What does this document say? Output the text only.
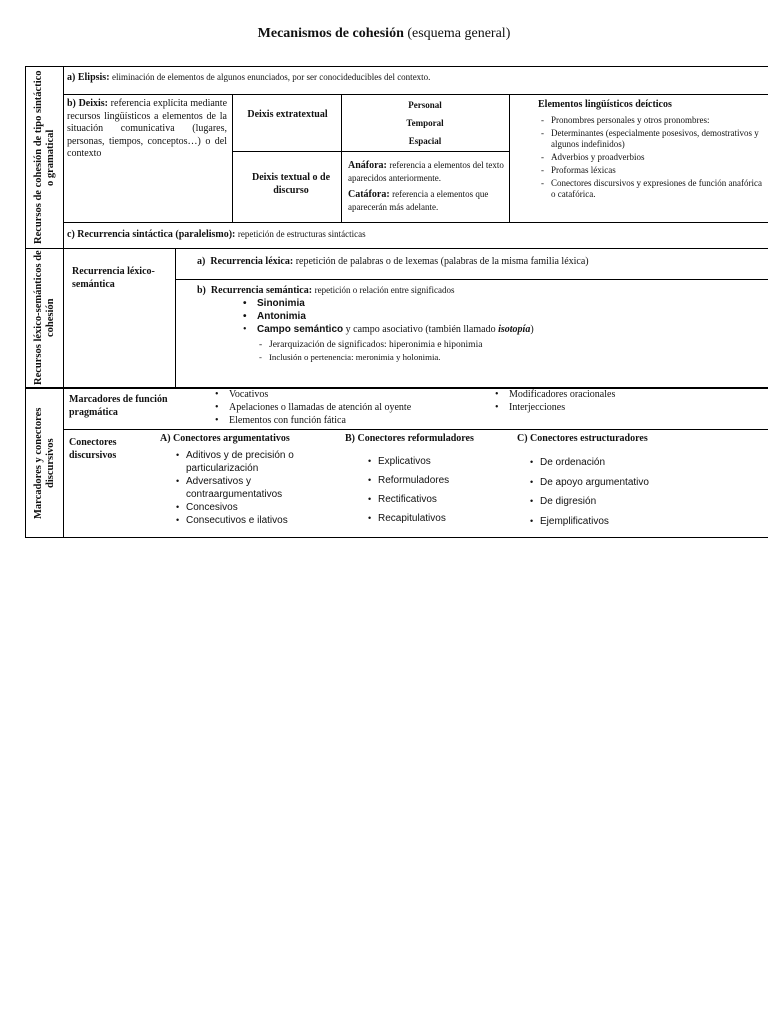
Mecanismos de cohesión (esquema general)
Recursos de cohesión de tipo sintáctico o gramatical
Recursos léxico-semánticos de cohesión
Marcadores y conectores discursivos
a) Elipsis: eliminación de elementos de algunos enunciados, por ser conocideducibles del contexto.
b) Deixis: referencia explícita mediante recursos lingüísticos a elementos de la situación comunicativa (lugares, personas, tiempos, conceptos…) o del contexto
Deixis extratextual
Personal
Temporal
Espacial
Deixis textual o de discurso
Anáfora: referencia a elementos del texto aparecidos anteriormente.
Catáfora: referencia a elementos que aparecerán más adelante.
Elementos lingüísticos deícticos
- Pronombres personales y otros pronombres:
- Determinantes (especialmente posesivos, demostrativos y algunos indefinidos)
- Adverbios y proadverbios
- Proformas léxicas
- Conectores discursivos y expresiones de función anafórica o catafórica.
c) Recurrencia sintáctica (paralelismo): repetición de estructuras sintácticas
Recurrencia léxico-semántica
a) Recurrencia léxica: repetición de palabras o de lexemas (palabras de la misma familia léxica)
b) Recurrencia semántica: repetición o relación entre significados
• Sinonimia
• Antonimia
• Campo semántico y campo asociativo (también llamado isotopía)
- Jerarquización de significados: hiperonimia e hiponimia
- Inclusión o pertenencia: meronimia y holonimia.
Marcadores de función pragmática
• Vocativos
• Apelaciones o llamadas de atención al oyente
• Elementos con función fática
• Modificadores oracionales
• Interjecciones
Conectores discursivos
A) Conectores argumentativos
• Aditivos y de precisión o particularización
• Adversativos y contraargumentativos
• Concesivos
• Consecutivos e ilativos
B) Conectores reformuladores
• Explicativos
• Reformuladores
• Rectificativos
• Recapitulativos
C) Conectores estructuradores
• De ordenación
• De apoyo argumentativo
• De digresión
• Ejemplificativos
